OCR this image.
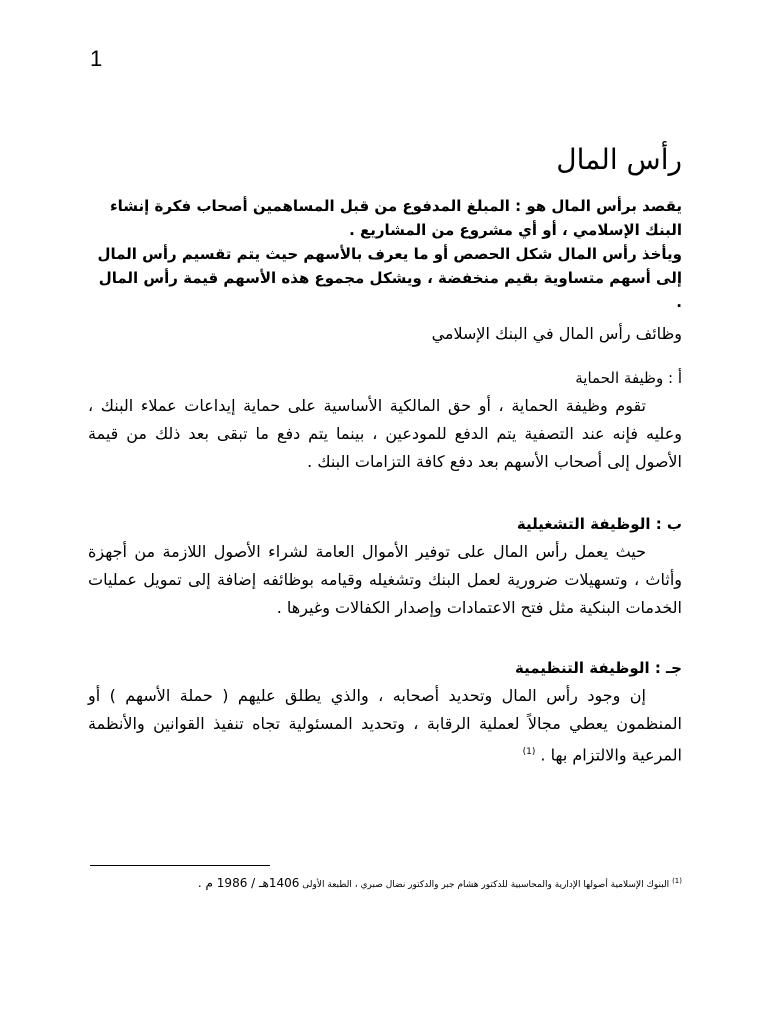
1
رأس المال

يقصد برأس المال هو : المبلغ المدفوع من قبل المساهمين أصحاب فكرة إنشاء البنك الإسلامي ، أو أي مشروع من المشاريع .

ويأخذ رأس المال شكل الحصص أو ما يعرف بالأسهم حيث يتم تقسيم رأس المال إلى أسهم متساوية بقيم منخفضة ، ويشكل مجموع هذه الأسهم قيمة رأس المال .

وظائف رأس المال في البنك الإسلامي

أ : وظيفة الحماية

تقوم وظيفة الحماية ، أو حق المالكية الأساسية على حماية إيداعات عملاء البنك ، وعليه فإنه عند التصفية يتم الدفع للمودعين ، بينما يتم دفع ما تبقى بعد ذلك من قيمة الأصول إلى أصحاب الأسهم بعد دفع كافة التزامات البنك .

ب : الوظيفة التشغيلية

حيث يعمل رأس المال على توفير الأموال العامة لشراء الأصول اللازمة من أجهزة وأثاث ، وتسهيلات ضرورية لعمل البنك وتشغيله وقيامه بوظائفه إضافة إلى تمويل عمليات الخدمات البنكية مثل فتح الاعتمادات وإصدار الكفالات وغيرها .

جـ : الوظيفة التنظيمية

إن وجود رأس المال وتحديد أصحابه ، والذي يطلق عليهم ( حملة الأسهم ) أو المنظمون يعطي مجالاً لعملية الرقابة ، وتحديد المسئولية تجاه تنفيذ القوانين والأنظمة المرعية والالتزام بها . $^{(1)}$

$^{(1)}$ البنوك الإسلامية أصولها الإدارية والمحاسبية للدكتور هشام جبر والدكتور نضال صبري ، الطبعة الأولى 1406هـ / 1986 م .
